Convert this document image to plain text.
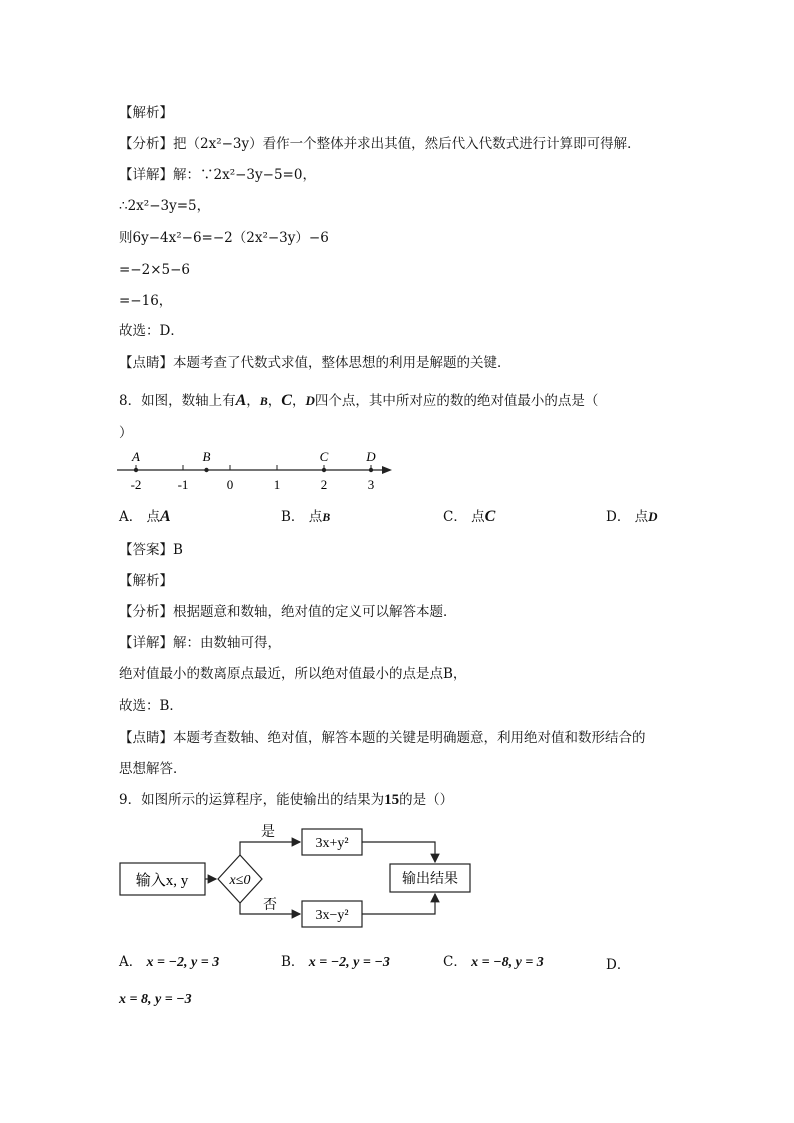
【解析】
【分析】把（2x²−3y）看作一个整体并求出其值，然后代入代数式进行计算即可得解．
【详解】解：∵2x²−3y−5=0，
∴2x²−3y=5，
则6y−4x²−6=−2（2x²−3y）−6
=−2×5−6
=−16，
故选：D．
【点睛】本题考查了代数式求值，整体思想的利用是解题的关键．
8．如图，数轴上有A，B，C，D四个点，其中所对应的数的绝对值最小的点是（
）
-2	-1	0	1	2	3
A	B	C	D
A． 点A	B． 点B	C． 点C	D． 点D
【答案】B
【解析】
【分析】根据题意和数轴，绝对值的定义可以解答本题．
【详解】解：由数轴可得，
绝对值最小的数离原点最近，所以绝对值最小的点是点B，
故选：B．
【点睛】本题考查数轴、绝对值，解答本题的关键是明确题意，利用绝对值和数形结合的
思想解答．
9．如图所示的运算程序，能使输出的结果为15的是（）
输入x, y	x≤0
是
否
3x+y²
3x−y²
输出结果
A． x = −2, y = 3	B． x = −2, y = −3	C． x = −8, y = 3	D．
x = 8, y = −3
